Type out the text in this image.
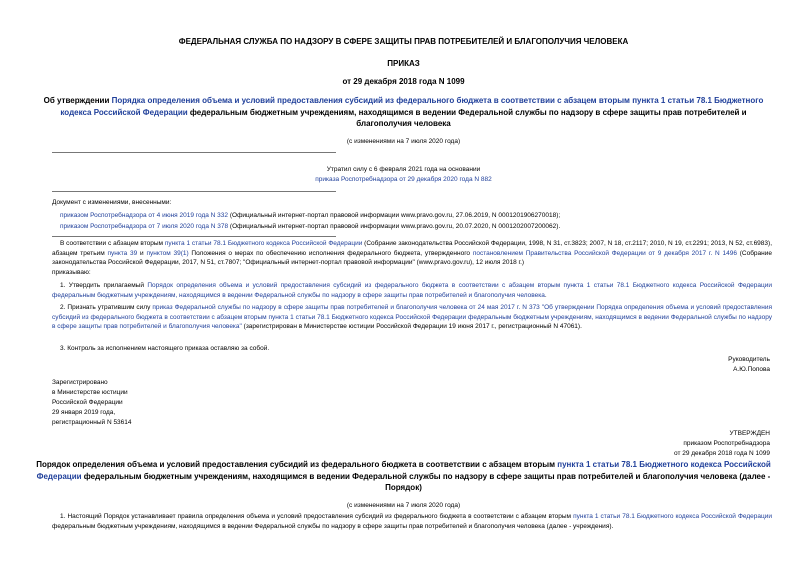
ФЕДЕРАЛЬНАЯ СЛУЖБА ПО НАДЗОРУ В СФЕРЕ ЗАЩИТЫ ПРАВ ПОТРЕБИТЕЛЕЙ И БЛАГОПОЛУЧИЯ ЧЕЛОВЕКА
ПРИКАЗ
от 29 декабря 2018 года N 1099
Об утверждении Порядка определения объема и условий предоставления субсидий из федерального бюджета в соответствии с абзацем вторым пункта 1 статьи 78.1 Бюджетного кодекса Российской Федерации федеральным бюджетным учреждениям, находящимся в ведении Федеральной службы по надзору в сфере защиты прав потребителей и благополучия человека
(с изменениями на 7 июля 2020 года)
Утратил силу с 6 февраля 2021 года на основании
приказа Роспотребнадзора от 29 декабря 2020 года N 882
Документ с изменениями, внесенными:
приказом Роспотребнадзора от 4 июня 2019 года N 332 (Официальный интернет-портал правовой информации www.pravo.gov.ru, 27.06.2019, N 0001201906270018);
приказом Роспотребнадзора от 7 июля 2020 года N 378 (Официальный интернет-портал правовой информации www.pravo.gov.ru, 20.07.2020, N 0001202007200062).
В соответствии с абзацем вторым пункта 1 статьи 78.1 Бюджетного кодекса Российской Федерации (Собрание законодательства Российской Федерации, 1998, N 31, ст.3823; 2007, N 18, ст.2117; 2010, N 19, ст.2291; 2013, N 52, ст.6983), абзацем третьим пункта 39 и пунктом 39(1) Положения о мерах по обеспечению исполнения федерального бюджета, утвержденного постановлением Правительства Российской Федерации от 9 декабря 2017 г. N 1496 (Собрание законодательства Российской Федерации, 2017, N 51, ст.7807; "Официальный интернет-портал правовой информации" (www.pravo.gov.ru), 12 июля 2018 г.)
приказываю:
1. Утвердить прилагаемый Порядок определения объема и условий предоставления субсидий из федерального бюджета в соответствии с абзацем вторым пункта 1 статьи 78.1 Бюджетного кодекса Российской Федерации федеральным бюджетным учреждениям, находящимся в ведении Федеральной службы по надзору в сфере защиты прав потребителей и благополучия человека.
2. Признать утратившим силу приказ Федеральной службы по надзору в сфере защиты прав потребителей и благополучия человека от 24 мая 2017 г. N 373 "Об утверждении Порядка определения объема и условий предоставления субсидий из федерального бюджета в соответствии с абзацем вторым пункта 1 статьи 78.1 Бюджетного кодекса Российской Федерации федеральным бюджетным учреждениям, находящимся в ведении Федеральной службы по надзору в сфере защиты прав потребителей и благополучия человека" (зарегистрирован в Министерстве юстиции Российской Федерации 19 июня 2017 г., регистрационный N 47061).
3. Контроль за исполнением настоящего приказа оставляю за собой.
Руководитель
А.Ю.Попова
Зарегистрировано
в Министерстве юстиции
Российской Федерации
29 января 2019 года,
регистрационный N 53614
УТВЕРЖДЕН
приказом Роспотребнадзора
от 29 декабря 2018 года N 1099
Порядок определения объема и условий предоставления субсидий из федерального бюджета в соответствии с абзацем вторым пункта 1 статьи 78.1 Бюджетного кодекса Российской Федерации федеральным бюджетным учреждениям, находящимся в ведении Федеральной службы по надзору в сфере защиты прав потребителей и благополучия человека (далее - Порядок)
(с изменениями на 7 июля 2020 года)
1. Настоящий Порядок устанавливает правила определения объема и условий предоставления субсидий из федерального бюджета в соответствии с абзацем вторым пункта 1 статьи 78.1 Бюджетного кодекса Российской Федерации федеральным бюджетным учреждениям, находящимся в ведении Федеральной службы по надзору в сфере защиты прав потребителей и благополучия человека (далее - учреждения).
